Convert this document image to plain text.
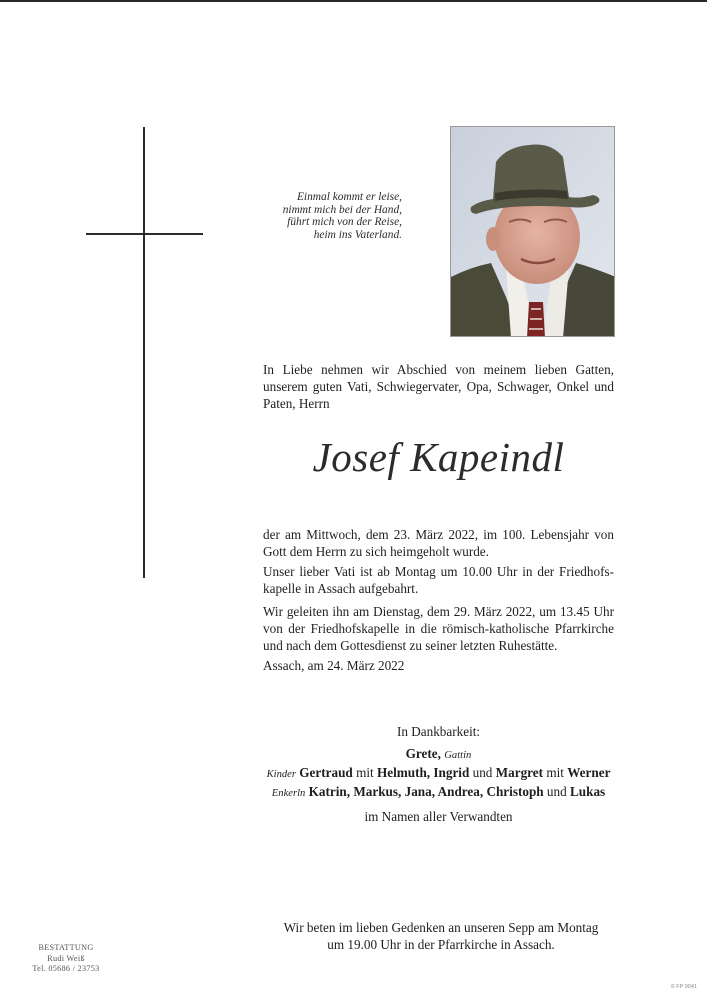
Einmal kommt er leise,
nimmt mich bei der Hand,
führt mich von der Reise,
heim ins Vaterland.

In Liebe nehmen wir Abschied von meinem lieben Gatten, unserem guten Vati, Schwiegervater, Opa, Schwager, Onkel und Paten, Herrn

Josef Kapeindl

der am Mittwoch, dem 23. März 2022, im 100. Lebensjahr von Gott dem Herrn zu sich heimgeholt wurde.

Unser lieber Vati ist ab Montag um 10.00 Uhr in der Friedhofs-kapelle in Assach aufgebahrt.

Wir geleiten ihn am Dienstag, dem 29. März 2022, um 13.45 Uhr von der Friedhofskapelle in die römisch-katholische Pfarrkirche und nach dem Gottesdienst zu seiner letzten Ruhestätte.

Assach, am 24. März 2022
In Dankbarkeit:
Grete, Gattin
Kinder Gertraud mit Helmuth, Ingrid und Margret mit Werner
Enkerln Katrin, Markus, Jana, Andrea, Christoph und Lukas
im Namen aller Verwandten
Wir beten im lieben Gedenken an unseren Sepp am Montag
um 19.00 Uhr in der Pfarrkirche in Assach.
BESTATTUNG
Rudi Weiß
Tel. 05686 / 23753
© FP 9041
